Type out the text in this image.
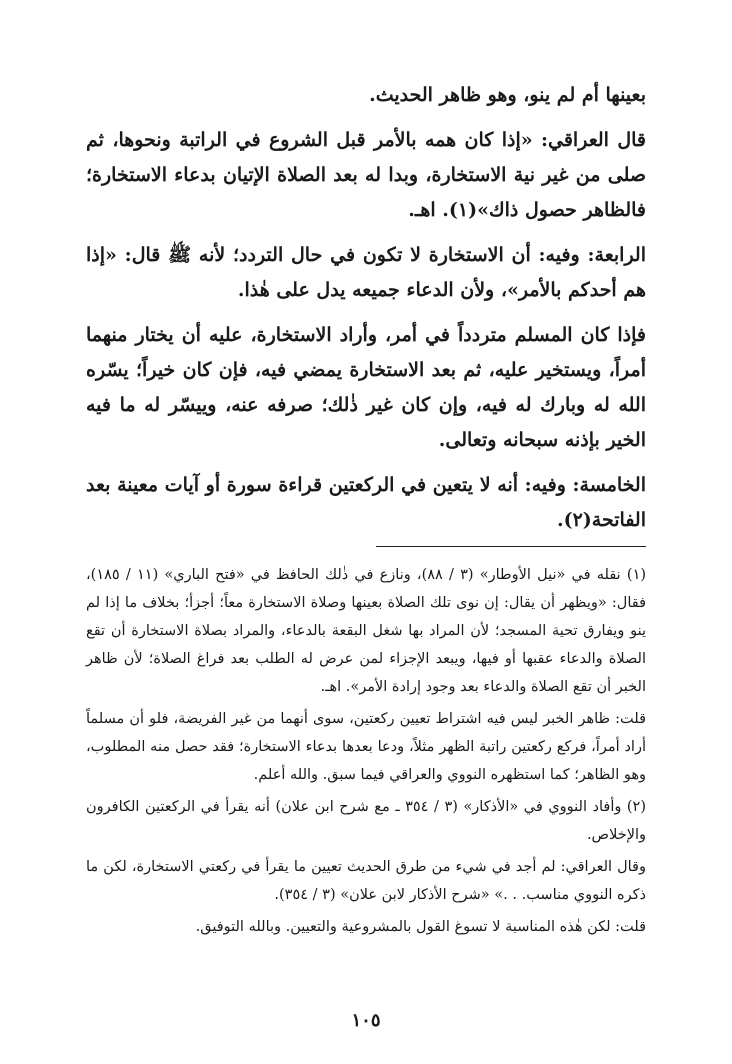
بعينها أم لم ينو، وهو ظاهر الحديث.

قال العراقي: «إذا كان همه بالأمر قبل الشروع في الراتبة ونحوها، ثم صلى من غير نية الاستخارة، وبدا له بعد الصلاة الإتيان بدعاء الاستخارة؛ فالظاهر حصول ذاك»(١). اهـ.

الرابعة: وفيه: أن الاستخارة لا تكون في حال التردد؛ لأنه ﷺ قال: «إذا هم أحدكم بالأمر»، ولأن الدعاء جميعه يدل على هٰذا.

فإذا كان المسلم متردداً في أمر، وأراد الاستخارة، عليه أن يختار منهما أمراً، ويستخير عليه، ثم بعد الاستخارة يمضي فيه، فإن كان خيراً؛ يسّره الله له وبارك له فيه، وإن كان غير ذٰلك؛ صرفه عنه، وييسّر له ما فيه الخير بإذنه سبحانه وتعالى.

الخامسة: وفيه: أنه لا يتعين في الركعتين قراءة سورة أو آيات معينة بعد الفاتحة(٢).

(١) نقله في «نيل الأوطار» (٣ / ٨٨)، ونازع في ذٰلك الحافظ في «فتح الباري» (١١ / ١٨٥)، فقال: «ويظهر أن يقال: إن نوى تلك الصلاة بعينها وصلاة الاستخارة معاً؛ أجزأ؛ بخلاف ما إذا لم ينو ويفارق تحية المسجد؛ لأن المراد بها شغل البقعة بالدعاء، والمراد بصلاة الاستخارة أن تقع الصلاة والدعاء عقبها أو فيها، ويبعد الإجزاء لمن عرض له الطلب بعد فراغ الصلاة؛ لأن ظاهر الخبر أن تقع الصلاة والدعاء بعد وجود إرادة الأمر». اهـ.

قلت: ظاهر الخبر ليس فيه اشتراط تعيين ركعتين، سوى أنهما من غير الفريضة، فلو أن مسلماً أراد أمراً، فركع ركعتين راتبة الظهر مثلاً، ودعا بعدها بدعاء الاستخارة؛ فقد حصل منه المطلوب، وهو الظاهر؛ كما استظهره النووي والعراقي فيما سبق. والله أعلم.

(٢) وأفاد النووي في «الأذكار» (٣ / ٣٥٤ ـ مع شرح ابن علان) أنه يقرأ في الركعتين الكافرون والإخلاص.

وقال العراقي: لم أجد في شيء من طرق الحديث تعيين ما يقرأ في ركعتي الاستخارة، لكن ما ذكره النووي مناسب. . .» «شرح الأذكار لابن علان» (٣ / ٣٥٤).

قلت: لكن هٰذه المناسبة لا تسوغ القول بالمشروعية والتعيين. وبالله التوفيق.

١٠٥
